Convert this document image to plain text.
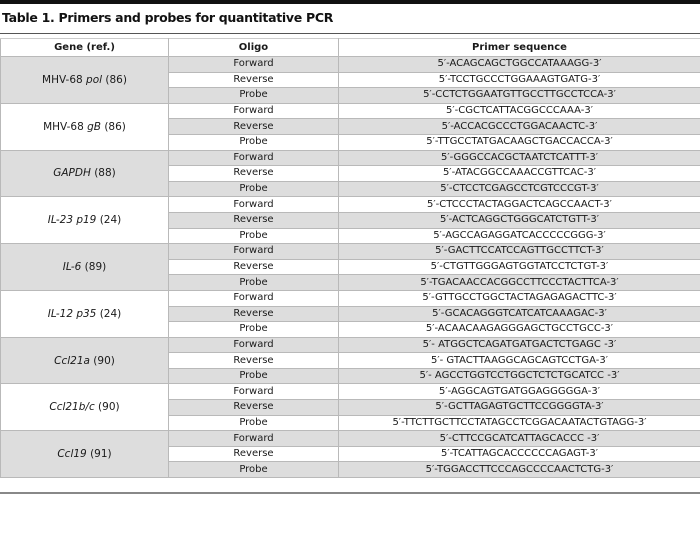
Table 1. Primers and probes for quantitative PCR
Gene (ref.)	Oligo	Primer sequence
MHV-68 pol (86)	Forward	5′-ACAGCAGCTGGCCATAAAGG-3′
	Reverse	5′-TCCTGCCCTGGAAAGTGATG-3′
	Probe	5′-CCTCTGGAATGTTGCCTTGCCTCCA-3′
MHV-68 gB (86)	Forward	5′-CGCTCATTACGGCCCAAA-3′
	Reverse	5′-ACCACGCCCTGGACAACTC-3′
	Probe	5′-TTGCCTATGACAAGCTGACCACCA-3′
GAPDH (88)	Forward	5′-GGGCCACGCTAATCTCATTT-3′
	Reverse	5′-ATACGGCCAAACCGTTCAC-3′
	Probe	5′-CTCCTCGAGCCTCGTCCCGT-3′
IL-23 p19 (24)	Forward	5′-CTCCCTACTAGGACTCAGCCAACT-3′
	Reverse	5′-ACTCAGGCTGGGCATCTGTT-3′
	Probe	5′-AGCCAGAGGATCACCCCCGGG-3′
IL-6 (89)	Forward	5′-GACTTCCATCCAGTTGCCTTCT-3′
	Reverse	5′-CTGTTGGGAGTGGTATCCTCTGT-3′
	Probe	5′-TGACAACCACGGCCTTCCCTACTTCA-3′
IL-12 p35 (24)	Forward	5′-GTTGCCTGGCTACTAGAGAGACTTC-3′
	Reverse	5′-GCACAGGGTCATCATCAAAGAC-3′
	Probe	5′-ACAACAAGAGGGAGCTGCCTGCC-3′
Ccl21a (90)	Forward	5′- ATGGCTCAGATGATGACTCTGAGC -3′
	Reverse	5′- GTACTTAAGGCAGCAGTCCTGA-3′
	Probe	5′- AGCCTGGTCCTGGCTCTCTGCATCC -3′
Ccl21b/c (90)	Forward	5′-AGGCAGTGATGGAGGGGGA-3′
	Reverse	5′-GCTTAGAGTGCTTCCGGGGTA-3′
	Probe	5′-TTCTTGCTTCCTATAGCCTCGGACAATACTGTAGG-3′
Ccl19 (91)	Forward	5′-CTTCCGCATCATTAGCACCC -3′
	Reverse	5′-TCATTAGCACCCCCCAGAGT-3′
	Probe	5′-TGGACCTTCCCAGCCCCAACTCTG-3′
